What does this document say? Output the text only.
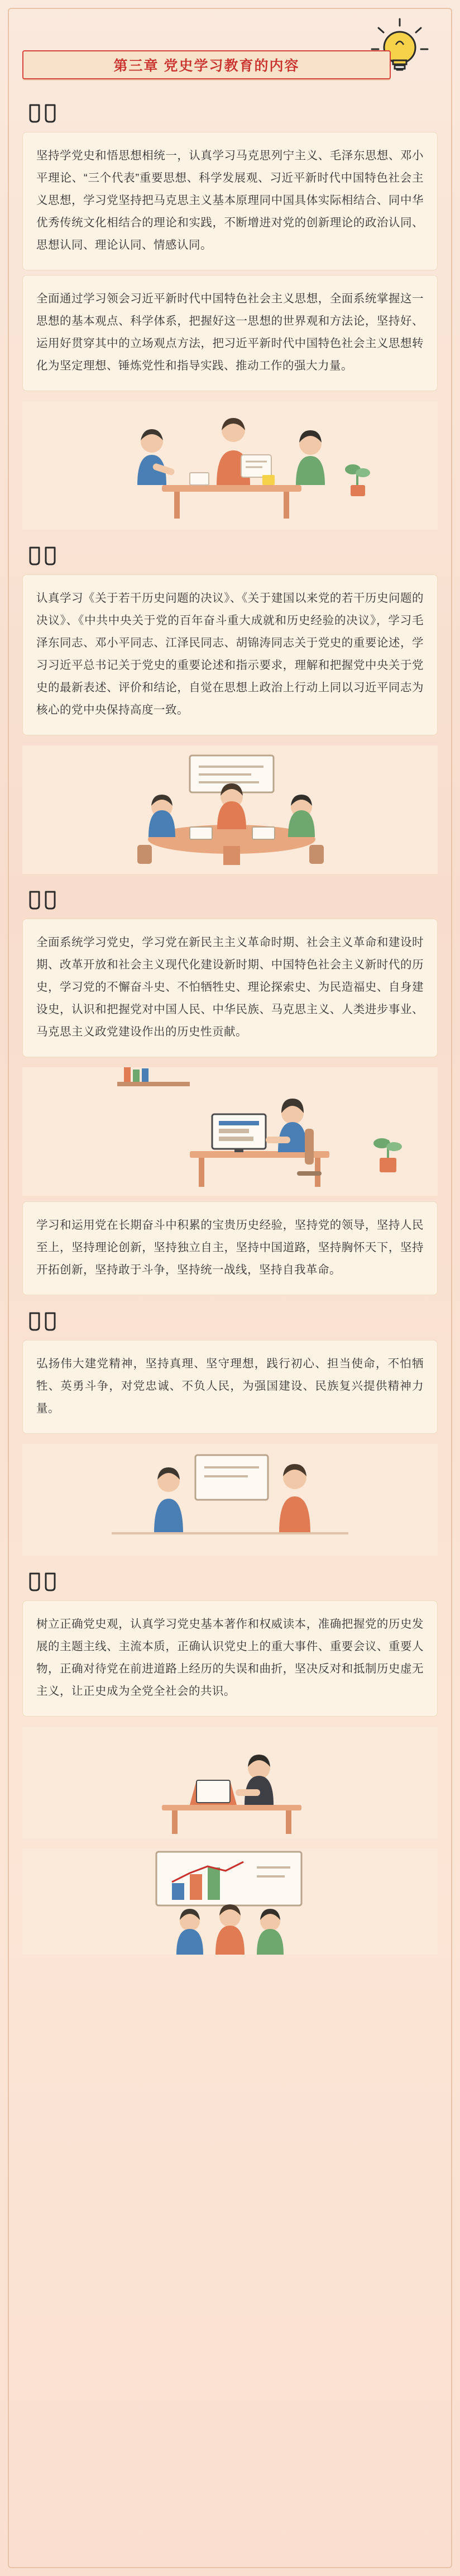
第三章 党史学习教育的内容

坚持学党史和悟思想相统一，认真学习马克思列宁主义、毛泽东思想、邓小平理论、“三个代表”重要思想、科学发展观、习近平新时代中国特色社会主义思想，学习党坚持把马克思主义基本原理同中国具体实际相结合、同中华优秀传统文化相结合的理论和实践，不断增进对党的创新理论的政治认同、思想认同、理论认同、情感认同。

全面通过学习领会习近平新时代中国特色社会主义思想，全面系统掌握这一思想的基本观点、科学体系，把握好这一思想的世界观和方法论，坚持好、运用好贯穿其中的立场观点方法，把习近平新时代中国特色社会主义思想转化为坚定理想、锤炼党性和指导实践、推动工作的强大力量。

认真学习《关于若干历史问题的决议》、《关于建国以来党的若干历史问题的决议》、《中共中央关于党的百年奋斗重大成就和历史经验的决议》，学习毛泽东同志、邓小平同志、江泽民同志、胡锦涛同志关于党史的重要论述，学习习近平总书记关于党史的重要论述和指示要求，理解和把握党中央关于党史的最新表述、评价和结论，自觉在思想上政治上行动上同以习近平同志为核心的党中央保持高度一致。

全面系统学习党史，学习党在新民主主义革命时期、社会主义革命和建设时期、改革开放和社会主义现代化建设新时期、中国特色社会主义新时代的历史，学习党的不懈奋斗史、不怕牺牲史、理论探索史、为民造福史、自身建设史，认识和把握党对中国人民、中华民族、马克思主义、人类进步事业、马克思主义政党建设作出的历史性贡献。

学习和运用党在长期奋斗中积累的宝贵历史经验，坚持党的领导，坚持人民至上，坚持理论创新，坚持独立自主，坚持中国道路，坚持胸怀天下，坚持开拓创新，坚持敢于斗争，坚持统一战线，坚持自我革命。

弘扬伟大建党精神，坚持真理、坚守理想，践行初心、担当使命，不怕牺牲、英勇斗争，对党忠诚、不负人民，为强国建设、民族复兴提供精神力量。

树立正确党史观，认真学习党史基本著作和权威读本，准确把握党的历史发展的主题主线、主流本质，正确认识党史上的重大事件、重要会议、重要人物，正确对待党在前进道路上经历的失误和曲折，坚决反对和抵制历史虚无主义，让正史成为全党全社会的共识。
